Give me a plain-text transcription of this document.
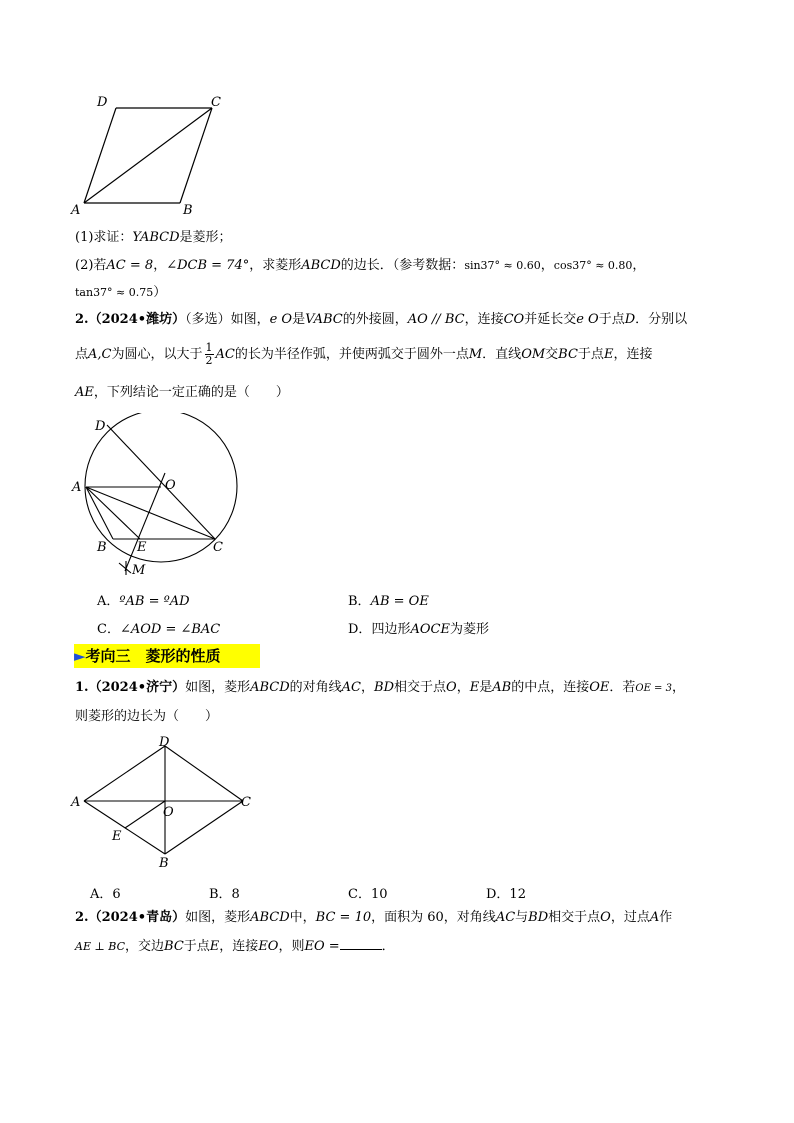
D	C
A	B
(1)求证：YABCD是菱形；
(2)若AC = 8，∠DCB = 74°，求菱形ABCD的边长．（参考数据：sin37° ≈ 0.60，cos37° ≈ 0.80，
tan37° ≈ 0.75）
2.（2024•潍坊）（多选）如图，e O是VABC的外接圆，AO // BC，连接CO并延长交e O于点D．分别以
点A,C为圆心，以大于 $\frac{1}{2}$ AC的长为半径作弧，并使两弧交于圆外一点M．直线OM交BC于点E，连接
AE，下列结论一定正确的是（　　）
D
A	O
B E	C
M
A．ºAB = ºAD	B．AB = OE
C．∠AOD = ∠BAC	D．四边形AOCE为菱形
►考向三　菱形的性质
1.（2024•济宁）如图，菱形ABCD的对角线AC，BD相交于点O，E是AB的中点，连接OE．若OE = 3，
则菱形的边长为（　　）
D
A
O
C
E
B
A．6	B．8	C．10	D．12
2.（2024•青岛）如图，菱形ABCD中，BC = 10，面积为 60，对角线AC与BD相交于点O，过点A作
AE ⊥ BC，交边BC于点E，连接EO，则EO =	．
